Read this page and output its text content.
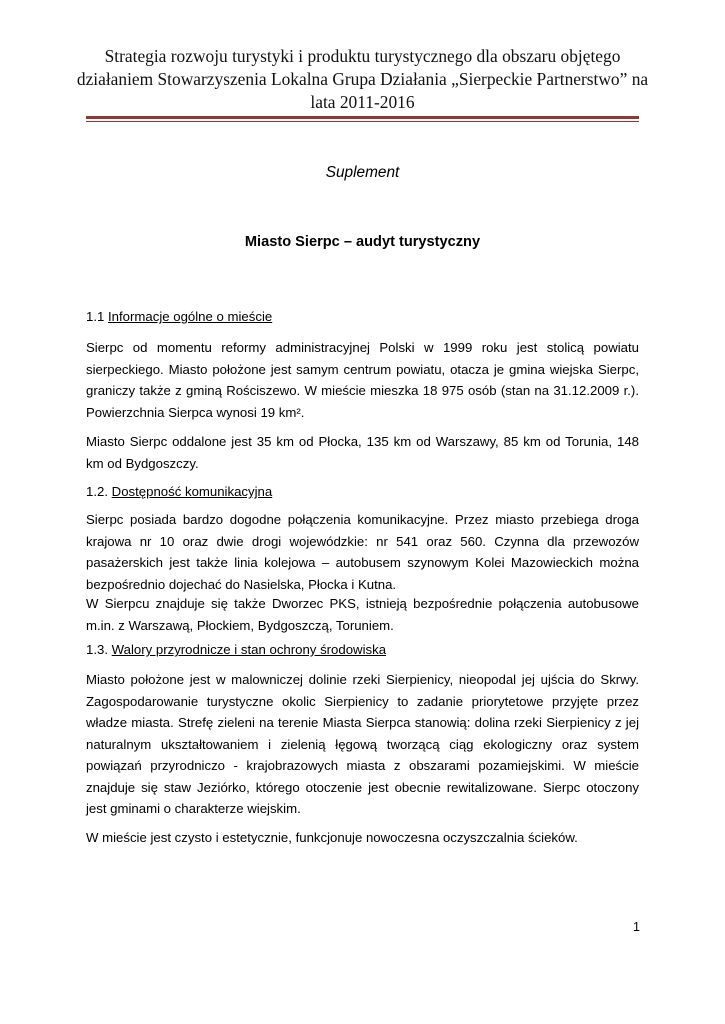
Strategia rozwoju turystyki i produktu turystycznego dla obszaru objętego działaniem Stowarzyszenia Lokalna Grupa Działania „Sierpeckie Partnerstwo” na lata 2011-2016
Suplement
Miasto Sierpc – audyt turystyczny
1.1 Informacje ogólne o mieście

Sierpc od momentu reformy administracyjnej Polski w 1999 roku jest stolicą powiatu sierpeckiego. Miasto położone jest samym centrum powiatu, otacza je gmina wiejska Sierpc, graniczy także z gminą Rościszewo. W mieście mieszka 18 975 osób (stan na 31.12.2009 r.). Powierzchnia Sierpca wynosi 19 km².

Miasto Sierpc oddalone jest 35 km od Płocka, 135 km od Warszawy, 85 km od Torunia, 148 km od Bydgoszczy.

1.2. Dostępność komunikacyjna

Sierpc posiada bardzo dogodne połączenia komunikacyjne. Przez miasto przebiega droga krajowa nr 10 oraz dwie drogi wojewódzkie: nr 541 oraz 560. Czynna dla przewozów pasażerskich jest także linia kolejowa – autobusem szynowym Kolei Mazowieckich można bezpośrednio dojechać do Nasielska, Płocka i Kutna.

W Sierpcu znajduje się także Dworzec PKS, istnieją bezpośrednie połączenia autobusowe m.in. z Warszawą, Płockiem, Bydgoszczą, Toruniem.

1.3. Walory przyrodnicze i stan ochrony środowiska

Miasto położone jest w malowniczej dolinie rzeki Sierpienicy, nieopodal jej ujścia do Skrwy. Zagospodarowanie turystyczne okolic Sierpienicy to zadanie priorytetowe przyjęte przez władze miasta. Strefę zieleni na terenie Miasta Sierpca stanowią: dolina rzeki Sierpienicy z jej naturalnym ukształtowaniem i zielenią łęgową tworzącą ciąg ekologiczny oraz system powiązań przyrodniczo - krajobrazowych miasta z obszarami pozamiejskimi. W mieście znajduje się staw Jeziórko, którego otoczenie jest obecnie rewitalizowane. Sierpc otoczony jest gminami o charakterze wiejskim.

W mieście jest czysto i estetycznie, funkcjonuje nowoczesna oczyszczalnia ścieków.

1
